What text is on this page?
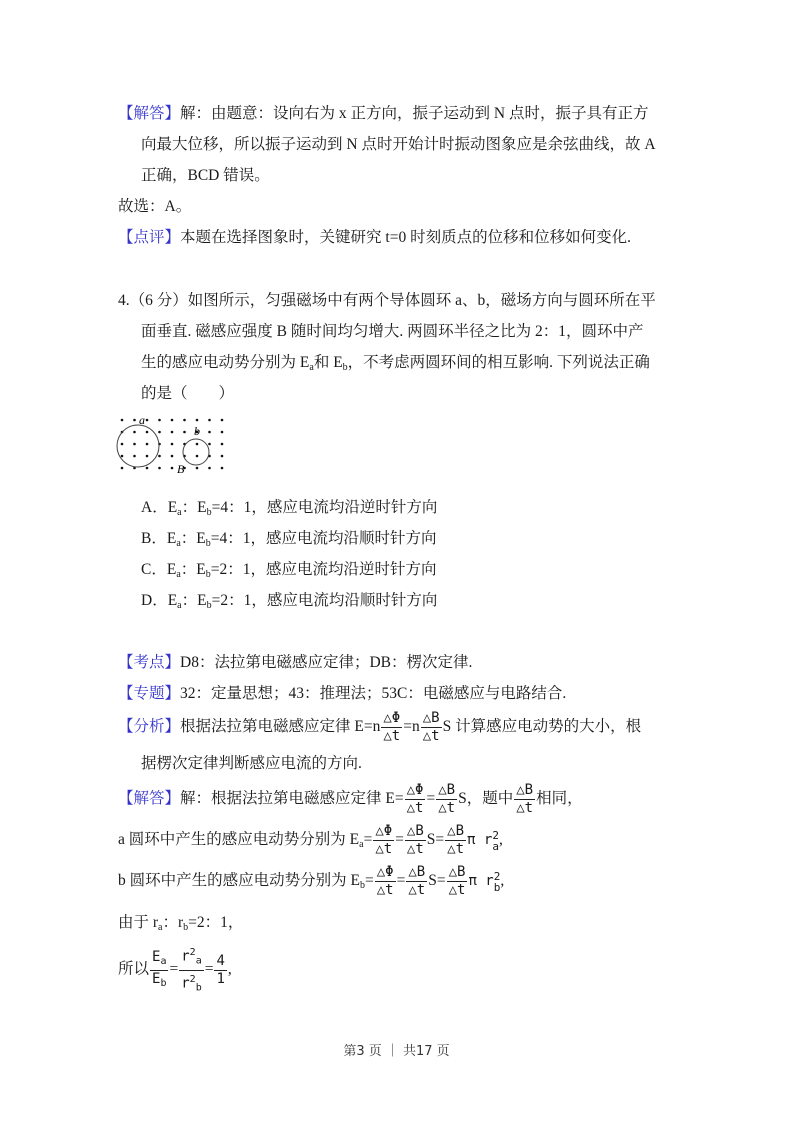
【解答】解：由题意：设向右为 x 正方向，振子运动到 N 点时，振子具有正方
向最大位移，所以振子运动到 N 点时开始计时振动图象应是余弦曲线，故 A
正确，BCD 错误。
故选：A。
【点评】本题在选择图象时，关键研究 t=0 时刻质点的位移和位移如何变化.
4.（6 分）如图所示，匀强磁场中有两个导体圆环 a、b，磁场方向与圆环所在平
面垂直. 磁感应强度 B 随时间均匀增大. 两圆环半径之比为 2：1，圆环中产
生的感应电动势分别为 $E_a$和 $E_b$，不考虑两圆环间的相互影响. 下列说法正确
的是（　　）
a
b
B
A．$E_a$：$E_b=4$：1，感应电流均沿逆时针方向
B．$E_a$：$E_b=4$：1，感应电流均沿顺时针方向
C．$E_a$：$E_b=2$：1，感应电流均沿逆时针方向
D．$E_a$：$E_b=2$：1，感应电流均沿顺时针方向
【考点】D8：法拉第电磁感应定律；DB：楞次定律.
【专题】32：定量思想；43：推理法；53C：电磁感应与电路结合.
【分析】根据法拉第电磁感应定律 $E=n \frac{\triangle\Phi}{\triangle t} =n \frac{\triangle B}{\triangle t}$ S 计算感应电动势的大小，根
据楞次定律判断感应电流的方向.
【解答】解：根据法拉第电磁感应定律 $E= \frac{\triangle\Phi}{\triangle t} = \frac{\triangle B}{\triangle t}$ S，题中 $\frac{\triangle B}{\triangle t}$ 相同，
a 圆环中产生的感应电动势分别为 $E_a= \frac{\triangle\Phi}{\triangle t} = \frac{\triangle B}{\triangle t} S= \frac{\triangle B}{\triangle t}$ π r 2
a ,
b 圆环中产生的感应电动势分别为 $E_b= \frac{\triangle\Phi}{\triangle t} = \frac{\triangle B}{\triangle t} S= \frac{\triangle B}{\triangle t}$ π r 2
b ,
由于 $r_a$：$r_b=2$：1，
所以 $\frac{E_a}{E_b} = \frac{r^2_a}{r^2_b} = \frac{4}{1}$ ,
第3 页 ｜ 共17 页
